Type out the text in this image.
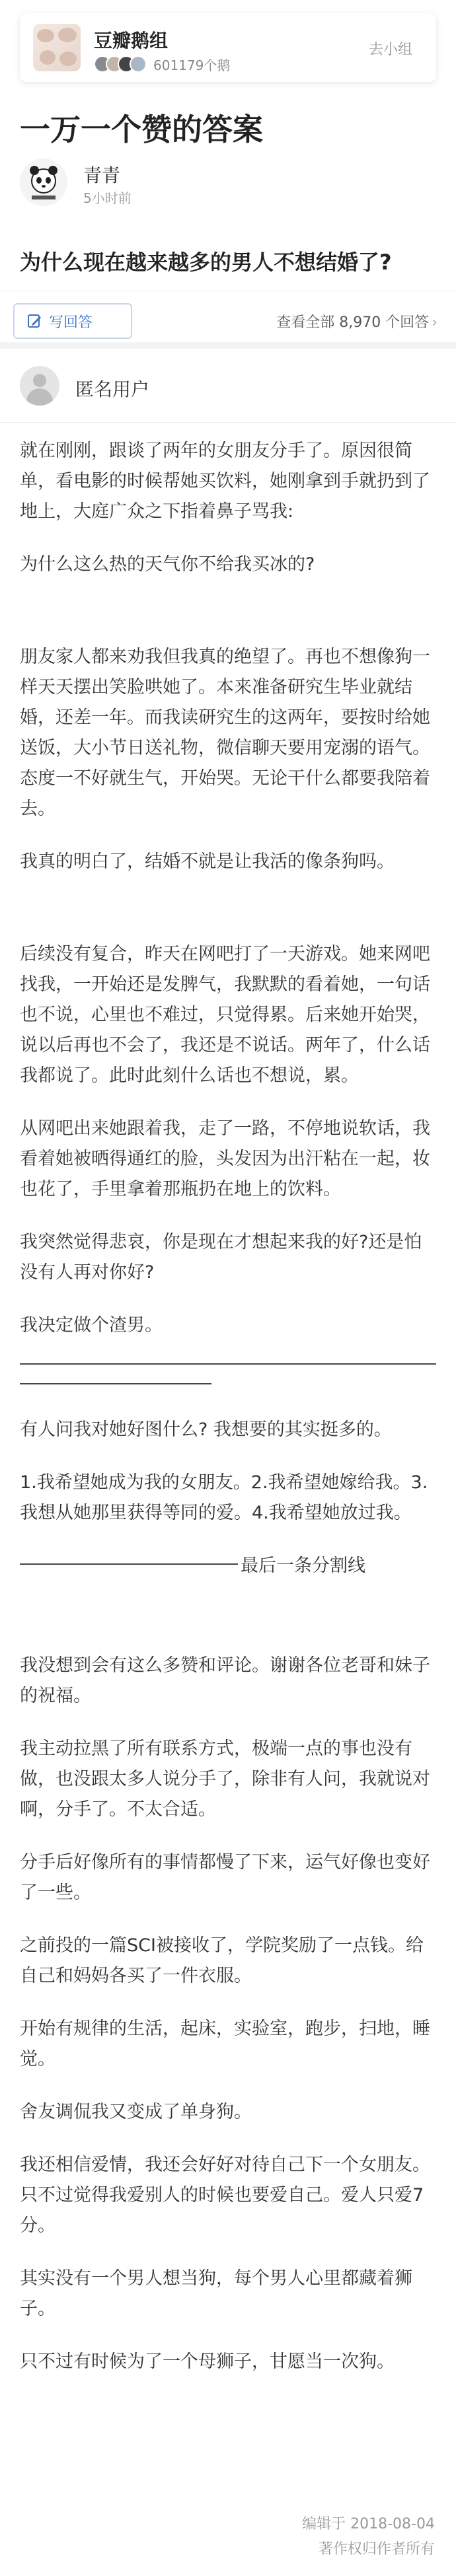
豆瓣鹅组
601179个鹅
去小组
一万一个赞的答案
青青
5小时前
为什么现在越来越多的男人不想结婚了?
写回答	查看全部 8,970 个回答 ›
匿名用户

就在刚刚，跟谈了两年的女朋友分手了。原因很简单，看电影的时候帮她买饮料，她刚拿到手就扔到了地上，大庭广众之下指着鼻子骂我:

为什么这么热的天气你不给我买冰的?

朋友家人都来劝我但我真的绝望了。再也不想像狗一样天天摆出笑脸哄她了。本来准备研究生毕业就结婚，还差一年。而我读研究生的这两年，要按时给她送饭，大小节日送礼物，微信聊天要用宠溺的语气。态度一不好就生气，开始哭。无论干什么都要我陪着去。

我真的明白了，结婚不就是让我活的像条狗吗。

后续没有复合，昨天在网吧打了一天游戏。她来网吧找我，一开始还是发脾气，我默默的看着她，一句话也不说，心里也不难过，只觉得累。后来她开始哭，说以后再也不会了，我还是不说话。两年了，什么话我都说了。此时此刻什么话也不想说，累。

从网吧出来她跟着我，走了一路，不停地说软话，我看着她被晒得通红的脸，头发因为出汗粘在一起，妆也花了，手里拿着那瓶扔在地上的饮料。

我突然觉得悲哀，你是现在才想起来我的好?还是怕没有人再对你好?

我决定做个渣男。

有人问我对她好图什么? 我想要的其实挺多的。

1.我希望她成为我的女朋友。2.我希望她嫁给我。3.我想从她那里获得等同的爱。4.我希望她放过我。

最后一条分割线

我没想到会有这么多赞和评论。谢谢各位老哥和妹子的祝福。

我主动拉黑了所有联系方式，极端一点的事也没有做，也没跟太多人说分手了，除非有人问，我就说对啊，分手了。不太合适。

分手后好像所有的事情都慢了下来，运气好像也变好了一些。

之前投的一篇SCI被接收了，学院奖励了一点钱。给自己和妈妈各买了一件衣服。

开始有规律的生活，起床，实验室，跑步，扫地，睡觉。

舍友调侃我又变成了单身狗。

我还相信爱情，我还会好好对待自己下一个女朋友。只不过觉得我爱别人的时候也要爱自己。爱人只爱7分。

其实没有一个男人想当狗，每个男人心里都藏着狮子。

只不过有时候为了一个母狮子，甘愿当一次狗。

编辑于 2018-08-04
著作权归作者所有
